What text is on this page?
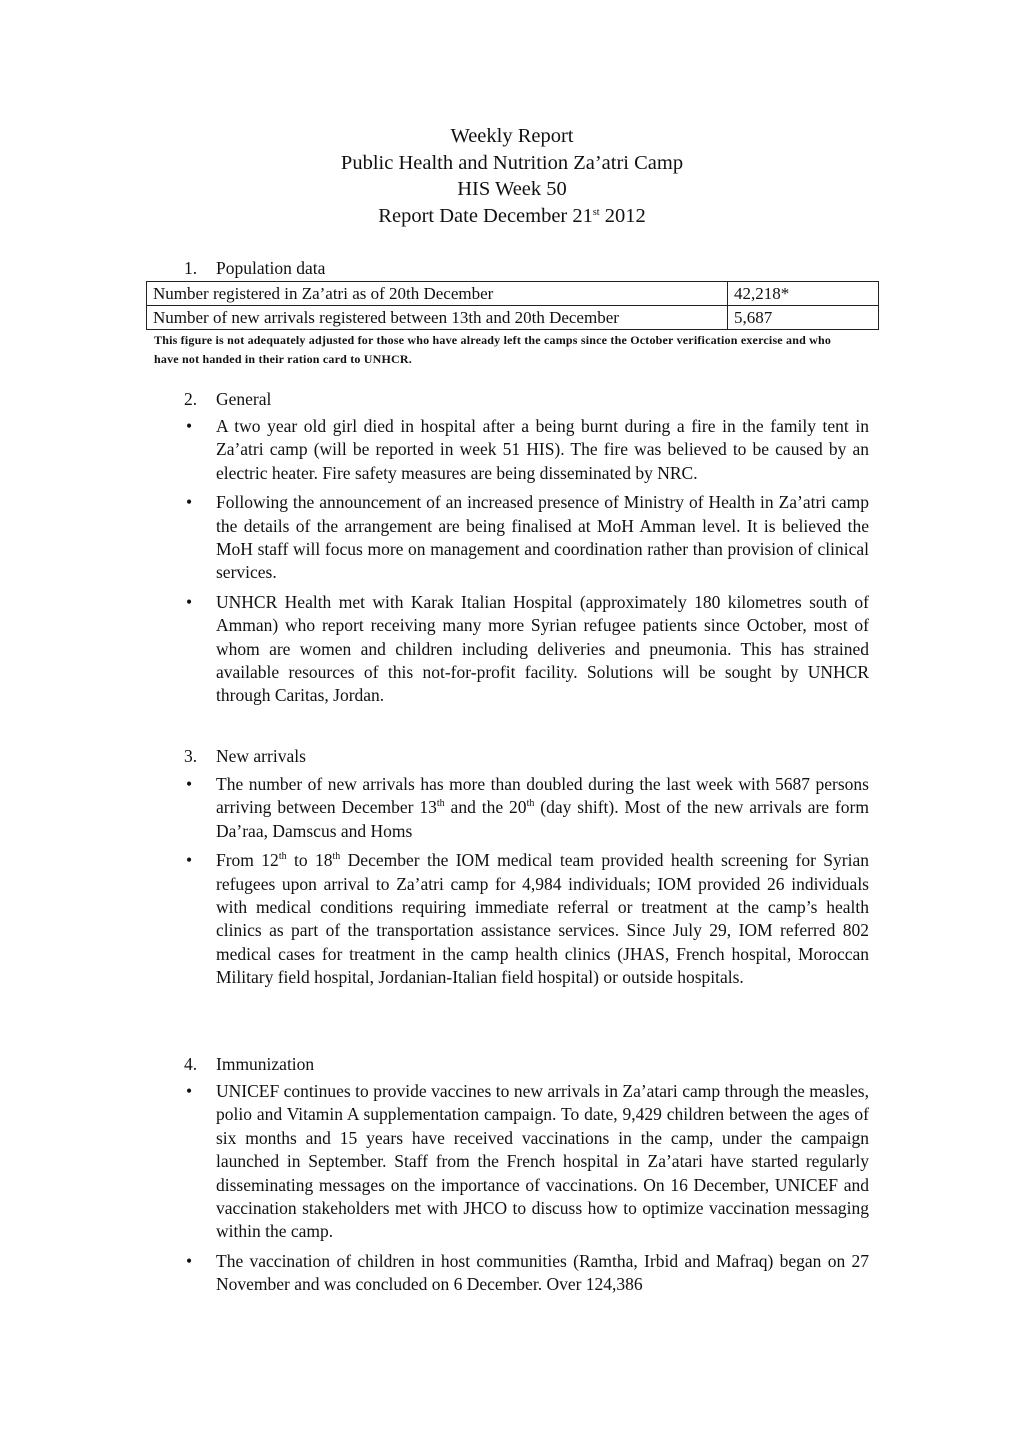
Weekly Report
Public Health and Nutrition Za’atri Camp
HIS Week 50
Report Date December 21st 2012
1. Population data
Number registered in Za’atri as of 20th December	42,218*
Number of new arrivals registered between 13th and 20th December	5,687
This figure is not adequately adjusted for those who have already left the camps since the October verification exercise and who have not handed in their ration card to UNHCR.
2. General
• A two year old girl died in hospital after a being burnt during a fire in the family tent in Za’atri camp (will be reported in week 51 HIS). The fire was believed to be caused by an electric heater. Fire safety measures are being disseminated by NRC.
• Following the announcement of an increased presence of Ministry of Health in Za’atri camp the details of the arrangement are being finalised at MoH Amman level. It is believed the MoH staff will focus more on management and coordination rather than provision of clinical services.
• UNHCR Health met with Karak Italian Hospital (approximately 180 kilometres south of Amman) who report receiving many more Syrian refugee patients since October, most of whom are women and children including deliveries and pneumonia. This has strained available resources of this not-for-profit facility. Solutions will be sought by UNHCR through Caritas, Jordan.
3. New arrivals
• The number of new arrivals has more than doubled during the last week with 5687 persons arriving between December 13th and the 20th (day shift). Most of the new arrivals are form Da’raa, Damscus and Homs
• From 12th to 18th December the IOM medical team provided health screening for Syrian refugees upon arrival to Za’atri camp for 4,984 individuals; IOM provided 26 individuals with medical conditions requiring immediate referral or treatment at the camp’s health clinics as part of the transportation assistance services. Since July 29, IOM referred 802 medical cases for treatment in the camp health clinics (JHAS, French hospital, Moroccan Military field hospital, Jordanian-Italian field hospital) or outside hospitals.
4. Immunization
• UNICEF continues to provide vaccines to new arrivals in Za’atari camp through the measles, polio and Vitamin A supplementation campaign. To date, 9,429 children between the ages of six months and 15 years have received vaccinations in the camp, under the campaign launched in September. Staff from the French hospital in Za’atari have started regularly disseminating messages on the importance of vaccinations. On 16 December, UNICEF and vaccination stakeholders met with JHCO to discuss how to optimize vaccination messaging within the camp.
• The vaccination of children in host communities (Ramtha, Irbid and Mafraq) began on 27 November and was concluded on 6 December. Over 124,386
